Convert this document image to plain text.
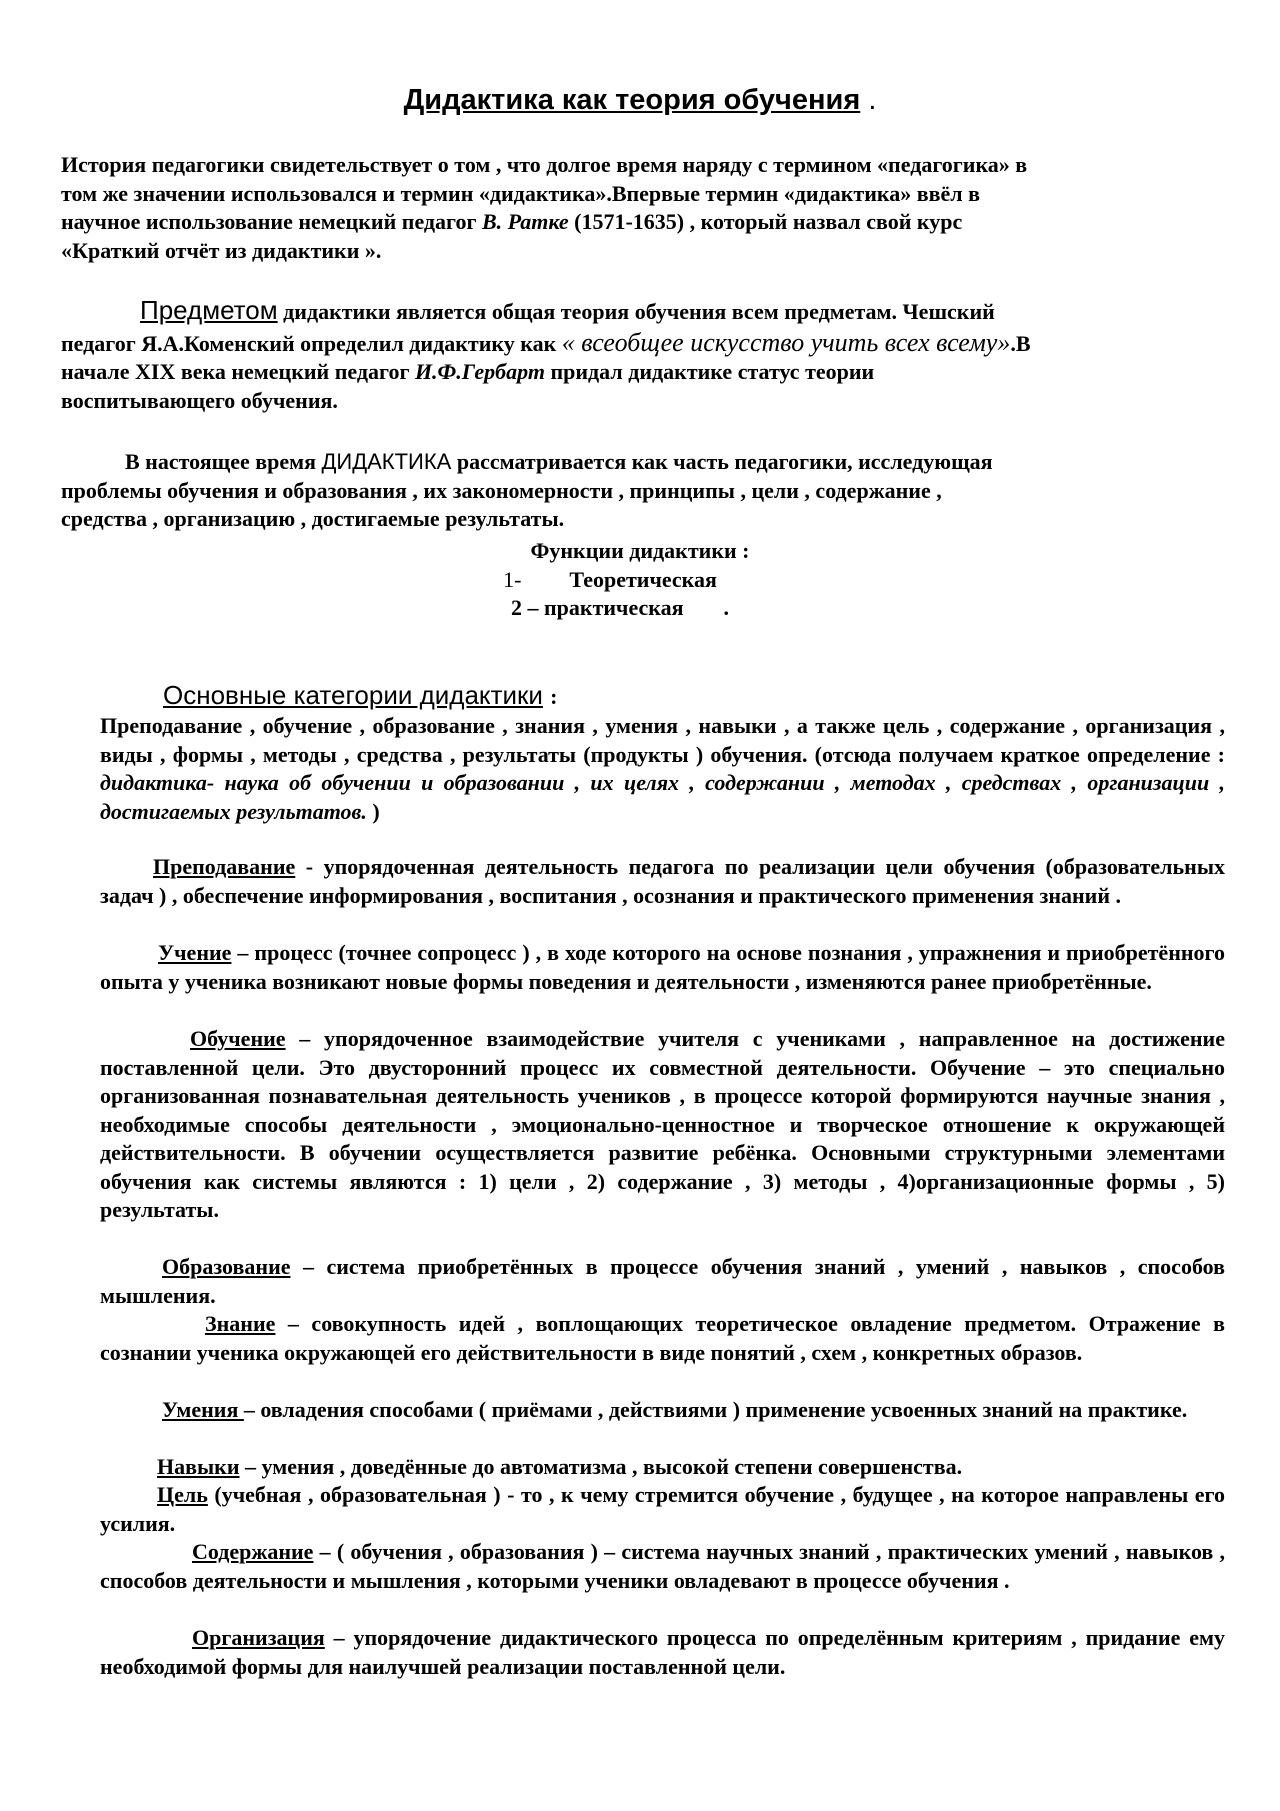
Дидактика как теория обучения .
История педагогики свидетельствует о том , что долгое время наряду с термином «педагогика» в
том же значении использовался и термин «дидактика».Впервые термин «дидактика» ввёл в
научное использование немецкий педагог В. Ратке (1571-1635) , который назвал свой курс
«Краткий отчёт из дидактики ».
Предметом дидактики является общая теория обучения всем предметам. Чешский
педагог Я.А.Коменский определил дидактику как « всеобщее искусство учить всех всему».В
начале XIX века немецкий педагог И.Ф.Гербарт придал дидактике статус теории
воспитывающего обучения.
В настоящее время ДИДАКТИКА рассматривается как часть педагогики, исследующая
проблемы обучения и образования , их закономерности , принципы , цели , содержание ,
средства , организацию , достигаемые результаты.
Функции дидактики :
1- Теоретическая
2 – практическая .
Основные категории дидактики :

Преподавание , обучение , образование , знания , умения , навыки , а также цель , содержание , организация , виды , формы , методы , средства , результаты (продукты ) обучения. (отсюда получаем краткое определение : дидактика- наука об обучении и образовании , их целях , содержании , методах , средствах , организации , достигаемых результатов. )

Преподавание - упорядоченная деятельность педагога по реализации цели обучения (образовательных задач ) , обеспечение информирования , воспитания , осознания и практического применения знаний .

Учение – процесс (точнее сопроцесс ) , в ходе которого на основе познания , упражнения и приобретённого опыта у ученика возникают новые формы поведения и деятельности , изменяются ранее приобретённые.

Обучение – упорядоченное взаимодействие учителя с учениками , направленное на достижение поставленной цели. Это двусторонний процесс их совместной деятельности. Обучение – это специально организованная познавательная деятельность учеников , в процессе которой формируются научные знания , необходимые способы деятельности , эмоционально-ценностное и творческое отношение к окружающей действительности. В обучении осуществляется развитие ребёнка. Основными структурными элементами обучения как системы являются : 1) цели , 2) содержание , 3) методы , 4)организационные формы , 5) результаты.

Образование – система приобретённых в процессе обучения знаний , умений , навыков , способов мышления.

Знание – совокупность идей , воплощающих теоретическое овладение предметом. Отражение в сознании ученика окружающей его действительности в виде понятий , схем , конкретных образов.

Умения – овладения способами ( приёмами , действиями ) применение усвоенных знаний на практике.

Навыки – умения , доведённые до автоматизма , высокой степени совершенства.

Цель (учебная , образовательная ) - то , к чему стремится обучение , будущее , на которое направлены его усилия.

Содержание – ( обучения , образования ) – система научных знаний , практических умений , навыков , способов деятельности и мышления , которыми ученики овладевают в процессе обучения .

Организация – упорядочение дидактического процесса по определённым критериям , придание ему необходимой формы для наилучшей реализации поставленной цели.
